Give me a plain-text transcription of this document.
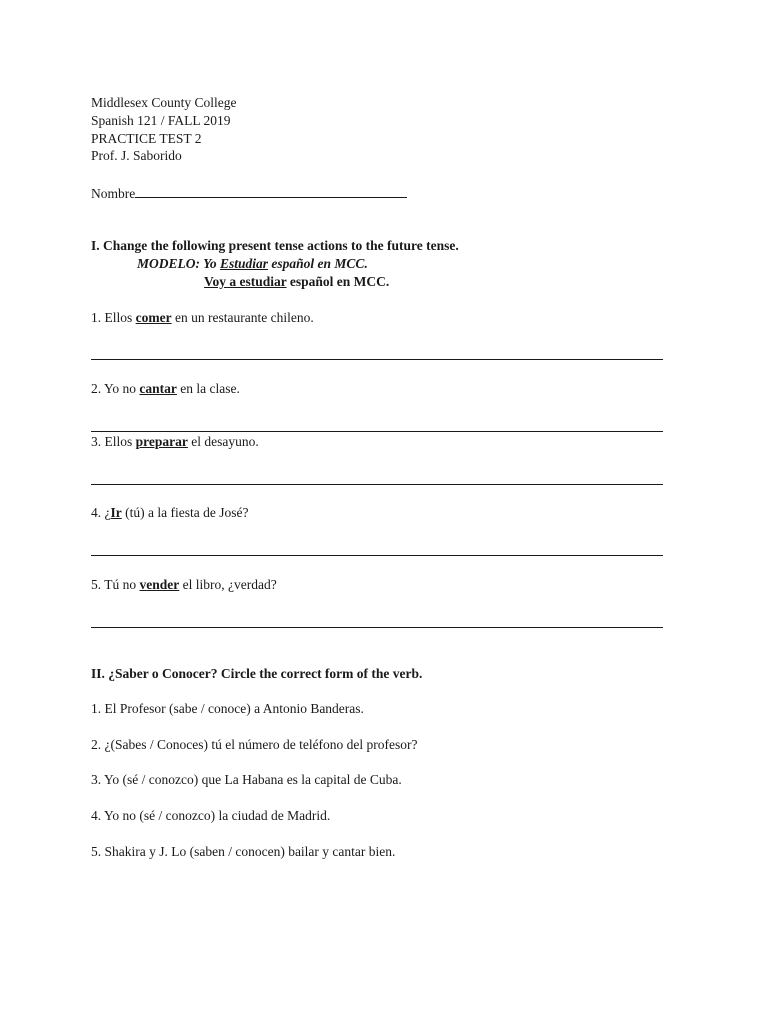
Middlesex County College
Spanish 121 / FALL 2019
PRACTICE TEST 2
Prof. J. Saborido
Nombre
I. Change the following present tense actions to the future tense.
MODELO: Yo Estudiar español en MCC.
Voy a estudiar español en MCC.
1. Ellos comer en un restaurante chileno.
2. Yo no cantar en la clase.
3. Ellos preparar el desayuno.
4. ¿Ir (tú) a la fiesta de José?
5. Tú no vender el libro, ¿verdad?
II. ¿Saber o Conocer? Circle the correct form of the verb.
1. El Profesor (sabe / conoce) a Antonio Banderas.
2. ¿(Sabes / Conoces) tú el número de teléfono del profesor?
3. Yo (sé / conozco) que La Habana es la capital de Cuba.
4. Yo no (sé / conozco) la ciudad de Madrid.
5. Shakira y J. Lo (saben / conocen) bailar y cantar bien.
